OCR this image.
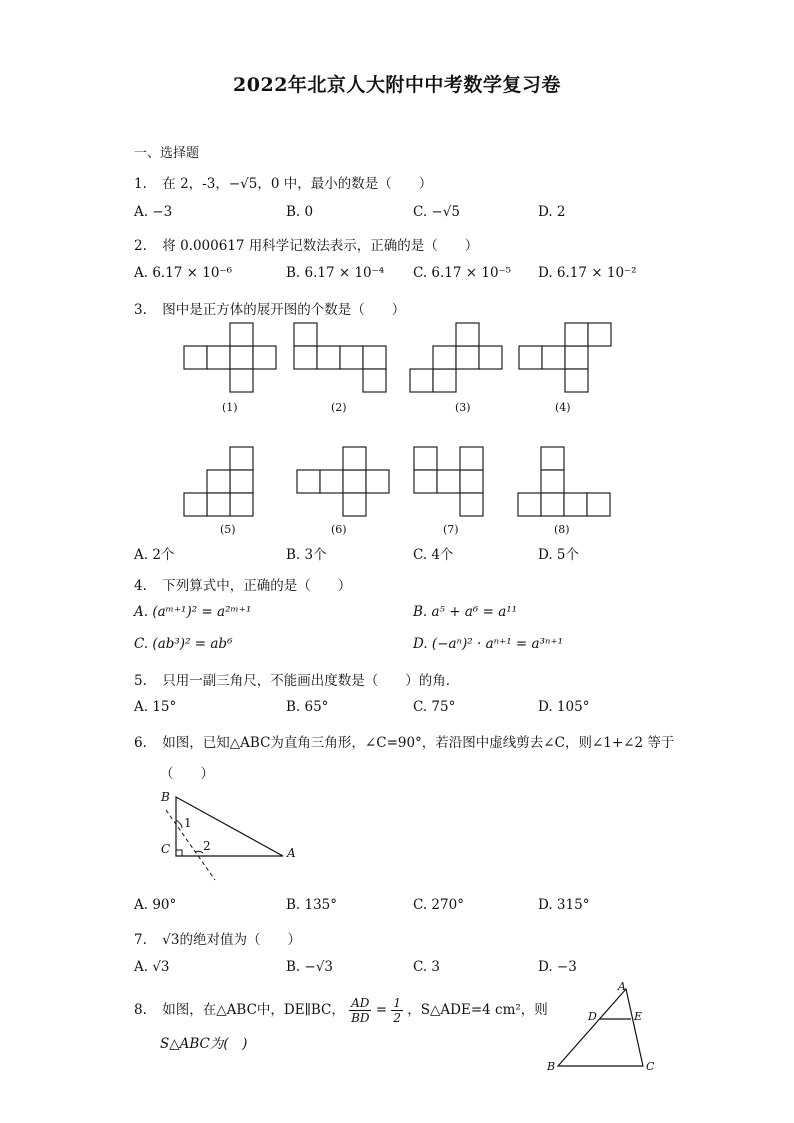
2022年北京人大附中中考数学复习卷
一、选择题
1. 在 2，-3，−√5，0 中，最小的数是（　　）
A. −3	B. 0	C. −√5	D. 2
2. 将 0.000617 用科学记数法表示，正确的是（　　）
A. 6.17 × 10⁻⁶	B. 6.17 × 10⁻⁴ C. 6.17 × 10⁻⁵ D. 6.17 × 10⁻²
3. 图中是正方体的展开图的个数是（　　）
(1)	(2)	(3)	(4)
(5)	(6)	(7)	(8)
A. 2个	B. 3个	C. 4个	D. 5个
4. 下列算式中，正确的是（　　）
A. (aᵐ⁺¹)² = a²ᵐ⁺¹	B. a⁵ + a⁶ = a¹¹
C. (ab³)² = ab⁶	D. (−aⁿ)² · aⁿ⁺¹ = a³ⁿ⁺¹
5. 只用一副三角尺，不能画出度数是（　　）的角．
A. 15°	B. 65°	C. 75°	D. 105°
6. 如图，已知△ABC为直角三角形，∠C=90°，若沿图中虚线剪去∠C，则∠1+∠2 等于
（　　）
B
1
C	2	A
A. 90°	B. 135°	C. 270°	D. 315°
7. √3的绝对值为（　　）
A. √3	B. −√3	C. 3	D. −3
8. 如图，在△ABC中，DE∥BC， $\frac{AD}{BD} = \frac{1}{2}$ ，S△ADE=4 cm²，则
S△ABC为(　)
A
D	E
B	C
